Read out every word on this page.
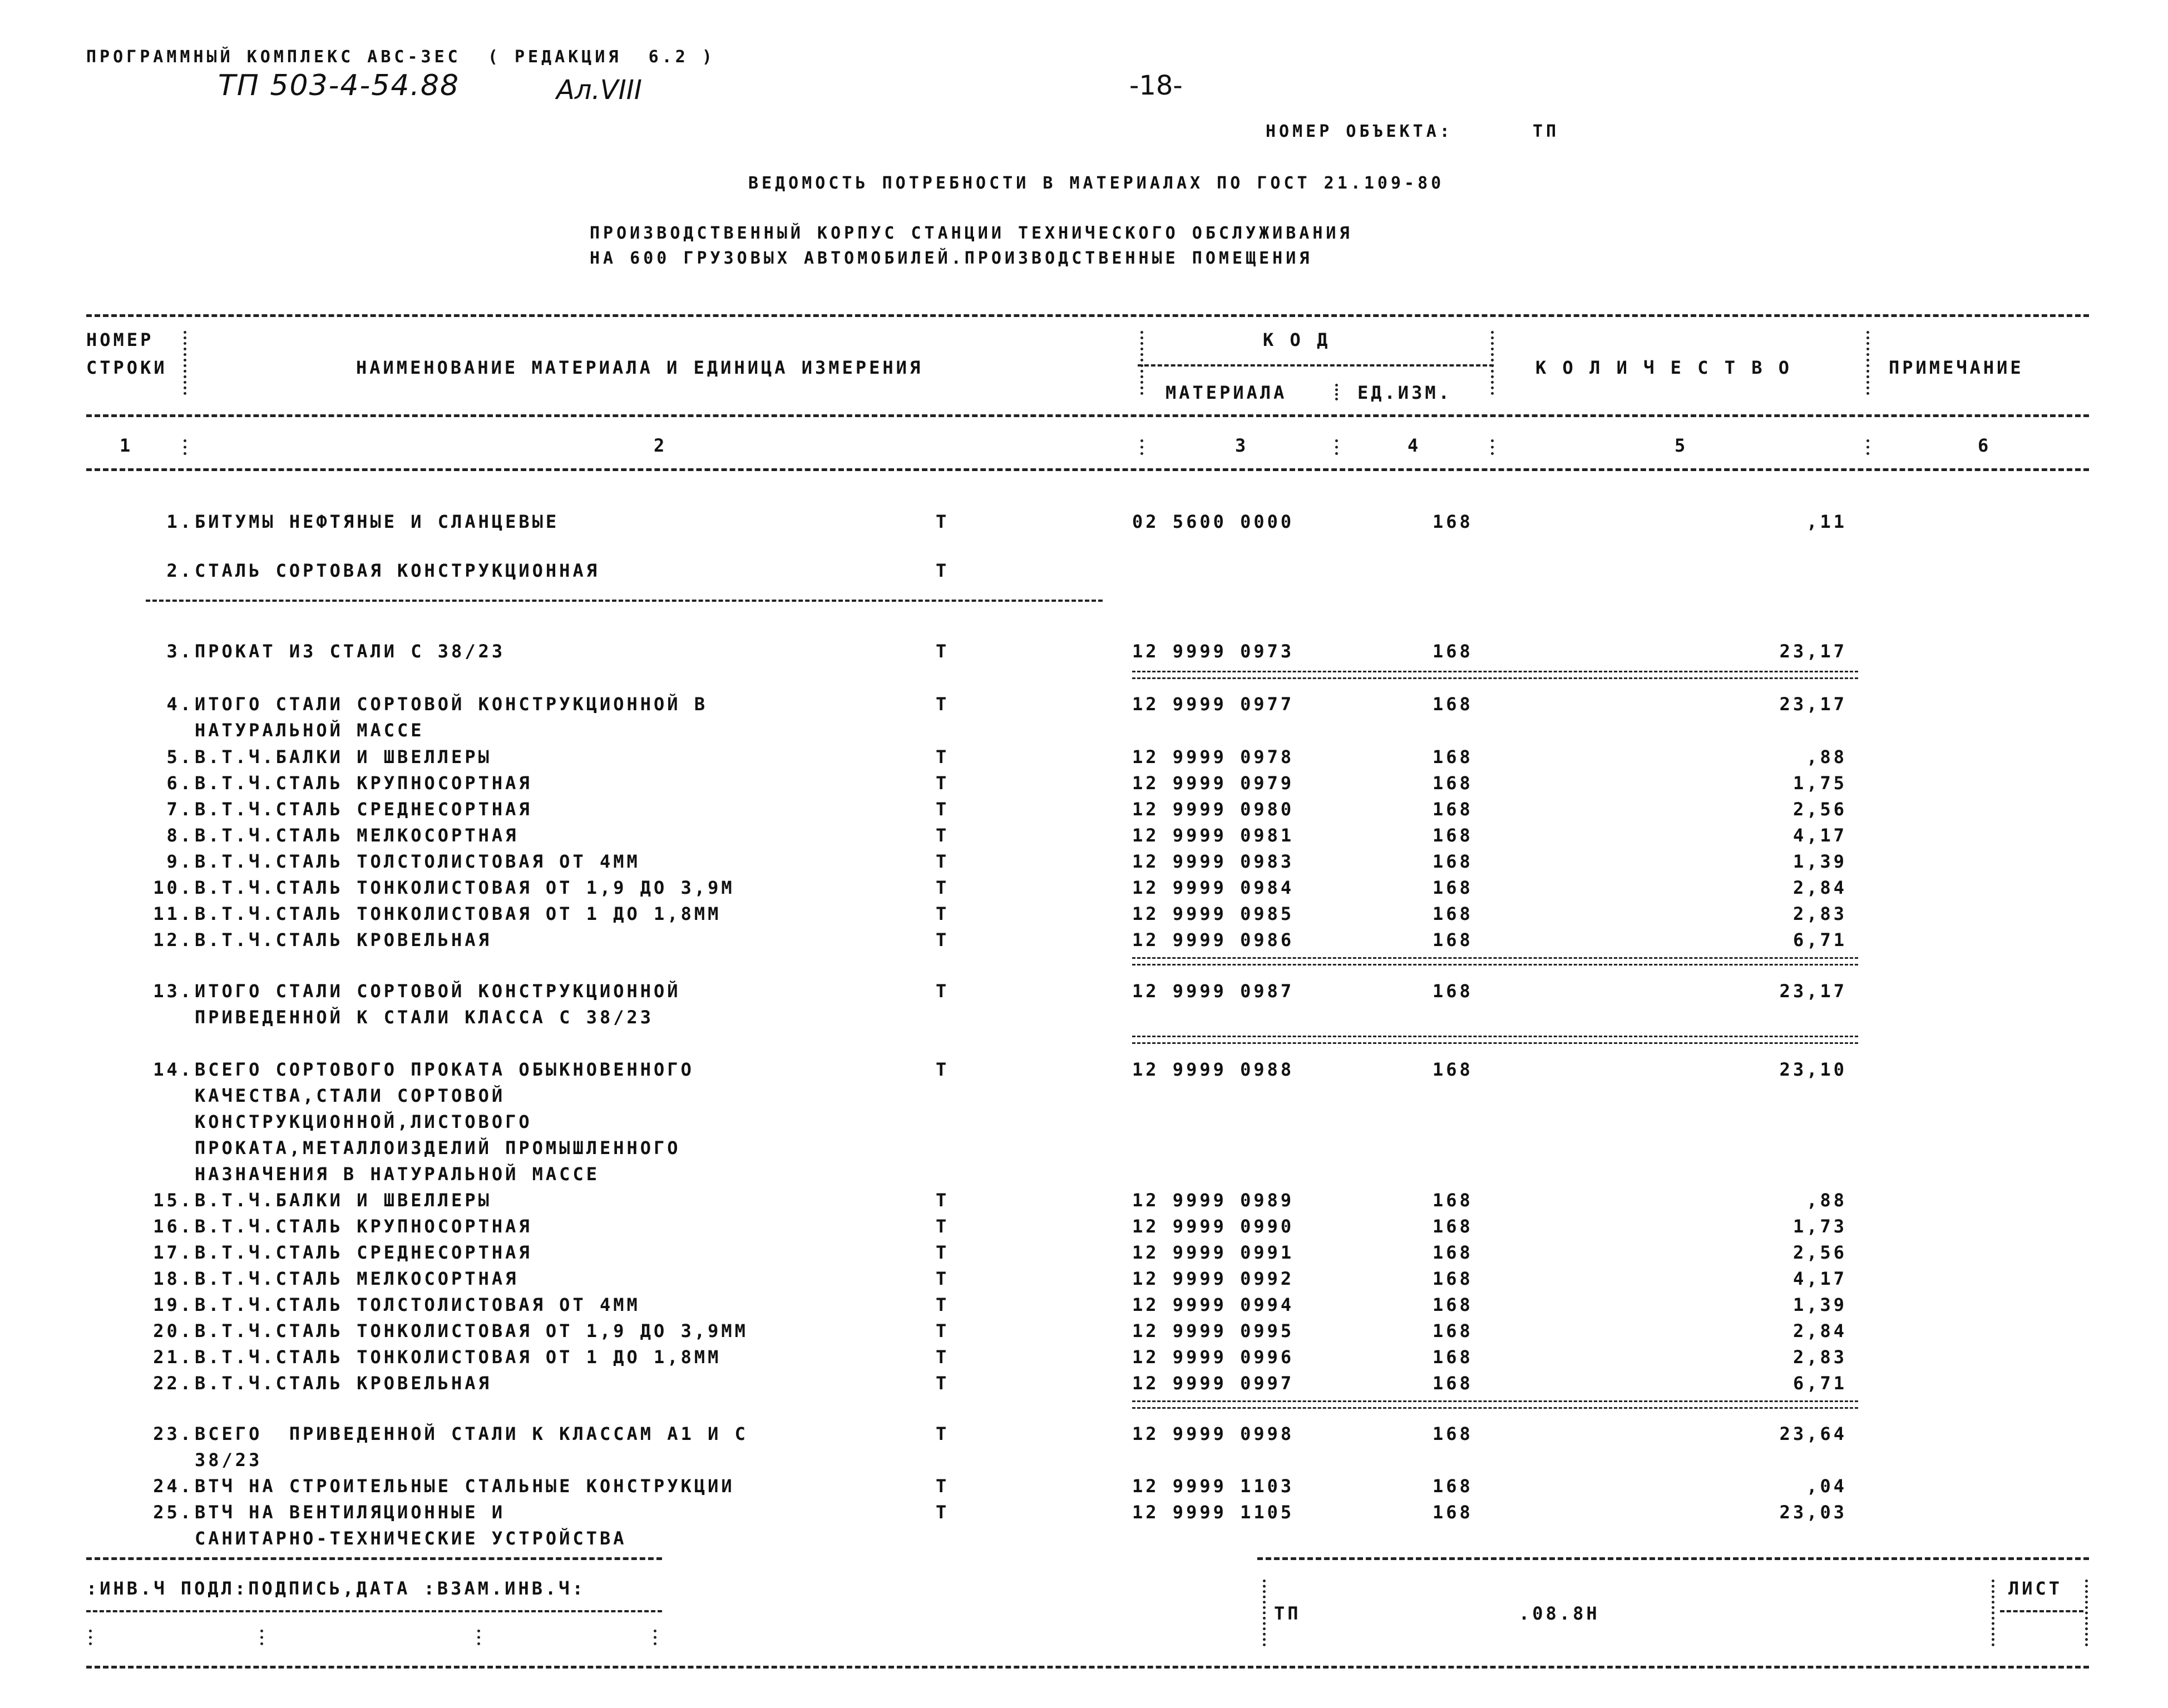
ПРОГРАММНЫЙ КОМПЛЕКС АВС-ЗЕС  ( РЕДАКЦИЯ  6.2 )
ТП 503-4-54.88	Ал.VIII	-18-
НОМЕР ОБЪЕКТА:	ТП
ВЕДОМОСТЬ ПОТРЕБНОСТИ В МАТЕРИАЛАХ ПО ГОСТ 21.109-80
ПРОИЗВОДСТВЕННЫЙ КОРПУС СТАНЦИИ ТЕХНИЧЕСКОГО ОБСЛУЖИВАНИЯ
НА 600 ГРУЗОВЫХ АВТОМОБИЛЕЙ.ПРОИЗВОДСТВЕННЫЕ ПОМЕЩЕНИЯ
НОМЕР
СТРОКИ	НАИМЕНОВАНИЕ МАТЕРИАЛА И ЕДИНИЦА ИЗМЕРЕНИЯ
К О Д
МАТЕРИАЛА	ЕД.ИЗМ.
К О Л И Ч Е С Т В О	ПРИМЕЧАНИЕ
1	2	3	4	5	6
1. БИТУМЫ НЕФТЯНЫЕ И СЛАНЦЕВЫЕ	Т	02 5600 0000	168	,11
2. СТАЛЬ СОРТОВАЯ КОНСТРУКЦИОННАЯ	Т
3. ПРОКАТ ИЗ СТАЛИ С 38/23	Т	12 9999 0973	168	23,17
4. ИТОГО СТАЛИ СОРТОВОЙ КОНСТРУКЦИОННОЙ В	Т	12 9999 0977	168	23,17
НАТУРАЛЬНОЙ МАССЕ
5. В.Т.Ч.БАЛКИ И ШВЕЛЛЕРЫ	Т	12 9999 0978	168	,88
6. В.Т.Ч.СТАЛЬ КРУПНОСОРТНАЯ	Т	12 9999 0979	168	1,75
7. В.Т.Ч.СТАЛЬ СРЕДНЕСОРТНАЯ	Т	12 9999 0980	168	2,56
8. В.Т.Ч.СТАЛЬ МЕЛКОСОРТНАЯ	Т	12 9999 0981	168	4,17
9. В.Т.Ч.СТАЛЬ ТОЛСТОЛИСТОВАЯ ОТ 4ММ	Т	12 9999 0983	168	1,39
10. В.Т.Ч.СТАЛЬ ТОНКОЛИСТОВАЯ ОТ 1,9 ДО 3,9М	Т	12 9999 0984	168	2,84
11. В.Т.Ч.СТАЛЬ ТОНКОЛИСТОВАЯ ОТ 1 ДО 1,8ММ	Т	12 9999 0985	168	2,83
12. В.Т.Ч.СТАЛЬ КРОВЕЛЬНАЯ	Т	12 9999 0986	168	6,71
13. ИТОГО СТАЛИ СОРТОВОЙ КОНСТРУКЦИОННОЙ	Т	12 9999 0987	168	23,17
ПРИВЕДЕННОЙ К СТАЛИ КЛАССА С 38/23
14. ВСЕГО СОРТОВОГО ПРОКАТА ОБЫКНОВЕННОГО	Т	12 9999 0988	168	23,10
КАЧЕСТВА,СТАЛИ СОРТОВОЙ
КОНСТРУКЦИОННОЙ,ЛИСТОВОГО
ПРОКАТА,МЕТАЛЛОИЗДЕЛИЙ ПРОМЫШЛЕННОГО
НАЗНАЧЕНИЯ В НАТУРАЛЬНОЙ МАССЕ
15. В.Т.Ч.БАЛКИ И ШВЕЛЛЕРЫ	Т	12 9999 0989	168	,88
16. В.Т.Ч.СТАЛЬ КРУПНОСОРТНАЯ	Т	12 9999 0990	168	1,73
17. В.Т.Ч.СТАЛЬ СРЕДНЕСОРТНАЯ	Т	12 9999 0991	168	2,56
18. В.Т.Ч.СТАЛЬ МЕЛКОСОРТНАЯ	Т	12 9999 0992	168	4,17
19. В.Т.Ч.СТАЛЬ ТОЛСТОЛИСТОВАЯ ОТ 4ММ	Т	12 9999 0994	168	1,39
20. В.Т.Ч.СТАЛЬ ТОНКОЛИСТОВАЯ ОТ 1,9 ДО 3,9ММ	Т	12 9999 0995	168	2,84
21. В.Т.Ч.СТАЛЬ ТОНКОЛИСТОВАЯ ОТ 1 ДО 1,8ММ	Т	12 9999 0996	168	2,83
22. В.Т.Ч.СТАЛЬ КРОВЕЛЬНАЯ	Т	12 9999 0997	168	6,71
23. ВСЕГО  ПРИВЕДЕННОЙ СТАЛИ К КЛАССАМ А1 И С	Т	12 9999 0998	168	23,64
38/23
24. ВТЧ НА СТРОИТЕЛЬНЫЕ СТАЛЬНЫЕ КОНСТРУКЦИИ	Т	12 9999 1103	168	,04
25. ВТЧ НА ВЕНТИЛЯЦИОННЫЕ И	Т	12 9999 1105	168	23,03
САНИТАРНО-ТЕХНИЧЕСКИЕ УСТРОЙСТВА
:ИНВ.Ч ПОДЛ:ПОДПИСЬ,ДАТА :ВЗАМ.ИНВ.Ч:
ТП	.08.8Н
ЛИСТ
